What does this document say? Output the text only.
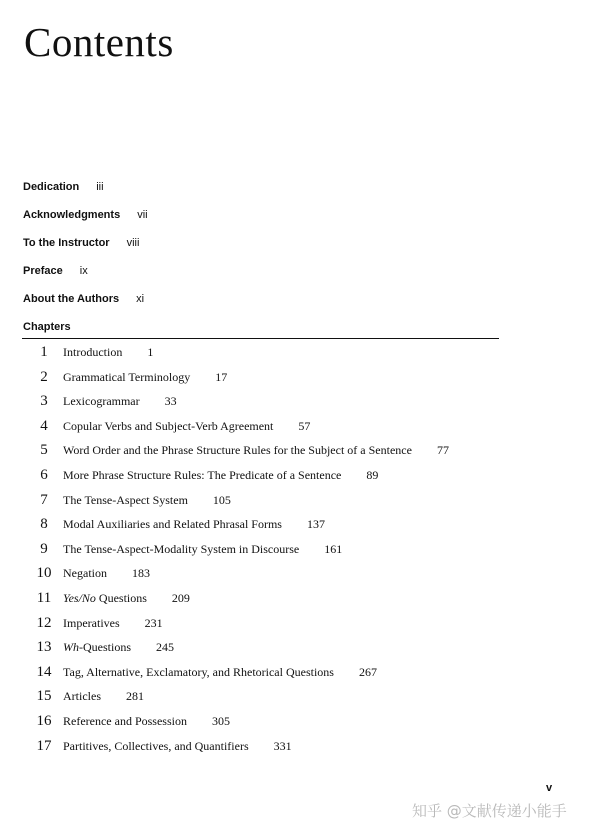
Contents
Dedication iii
Acknowledgments vii
To the Instructor viii
Preface ix
About the Authors xi
Chapters
1	Introduction 1
2	Grammatical Terminology 17
3	Lexicogrammar 33
4	Copular Verbs and Subject-Verb Agreement 57
5	Word Order and the Phrase Structure Rules for the Subject of a Sentence 77
6	More Phrase Structure Rules: The Predicate of a Sentence 89
7	The Tense-Aspect System 105
8	Modal Auxiliaries and Related Phrasal Forms 137
9	The Tense-Aspect-Modality System in Discourse 161
10 Negation 183
11 Yes/No Questions 209
12 Imperatives 231
13 Wh-Questions 245
14 Tag, Alternative, Exclamatory, and Rhetorical Questions 267
15 Articles 281
16 Reference and Possession 305
17 Partitives, Collectives, and Quantifiers 331
v
知乎 @文献传递小能手
